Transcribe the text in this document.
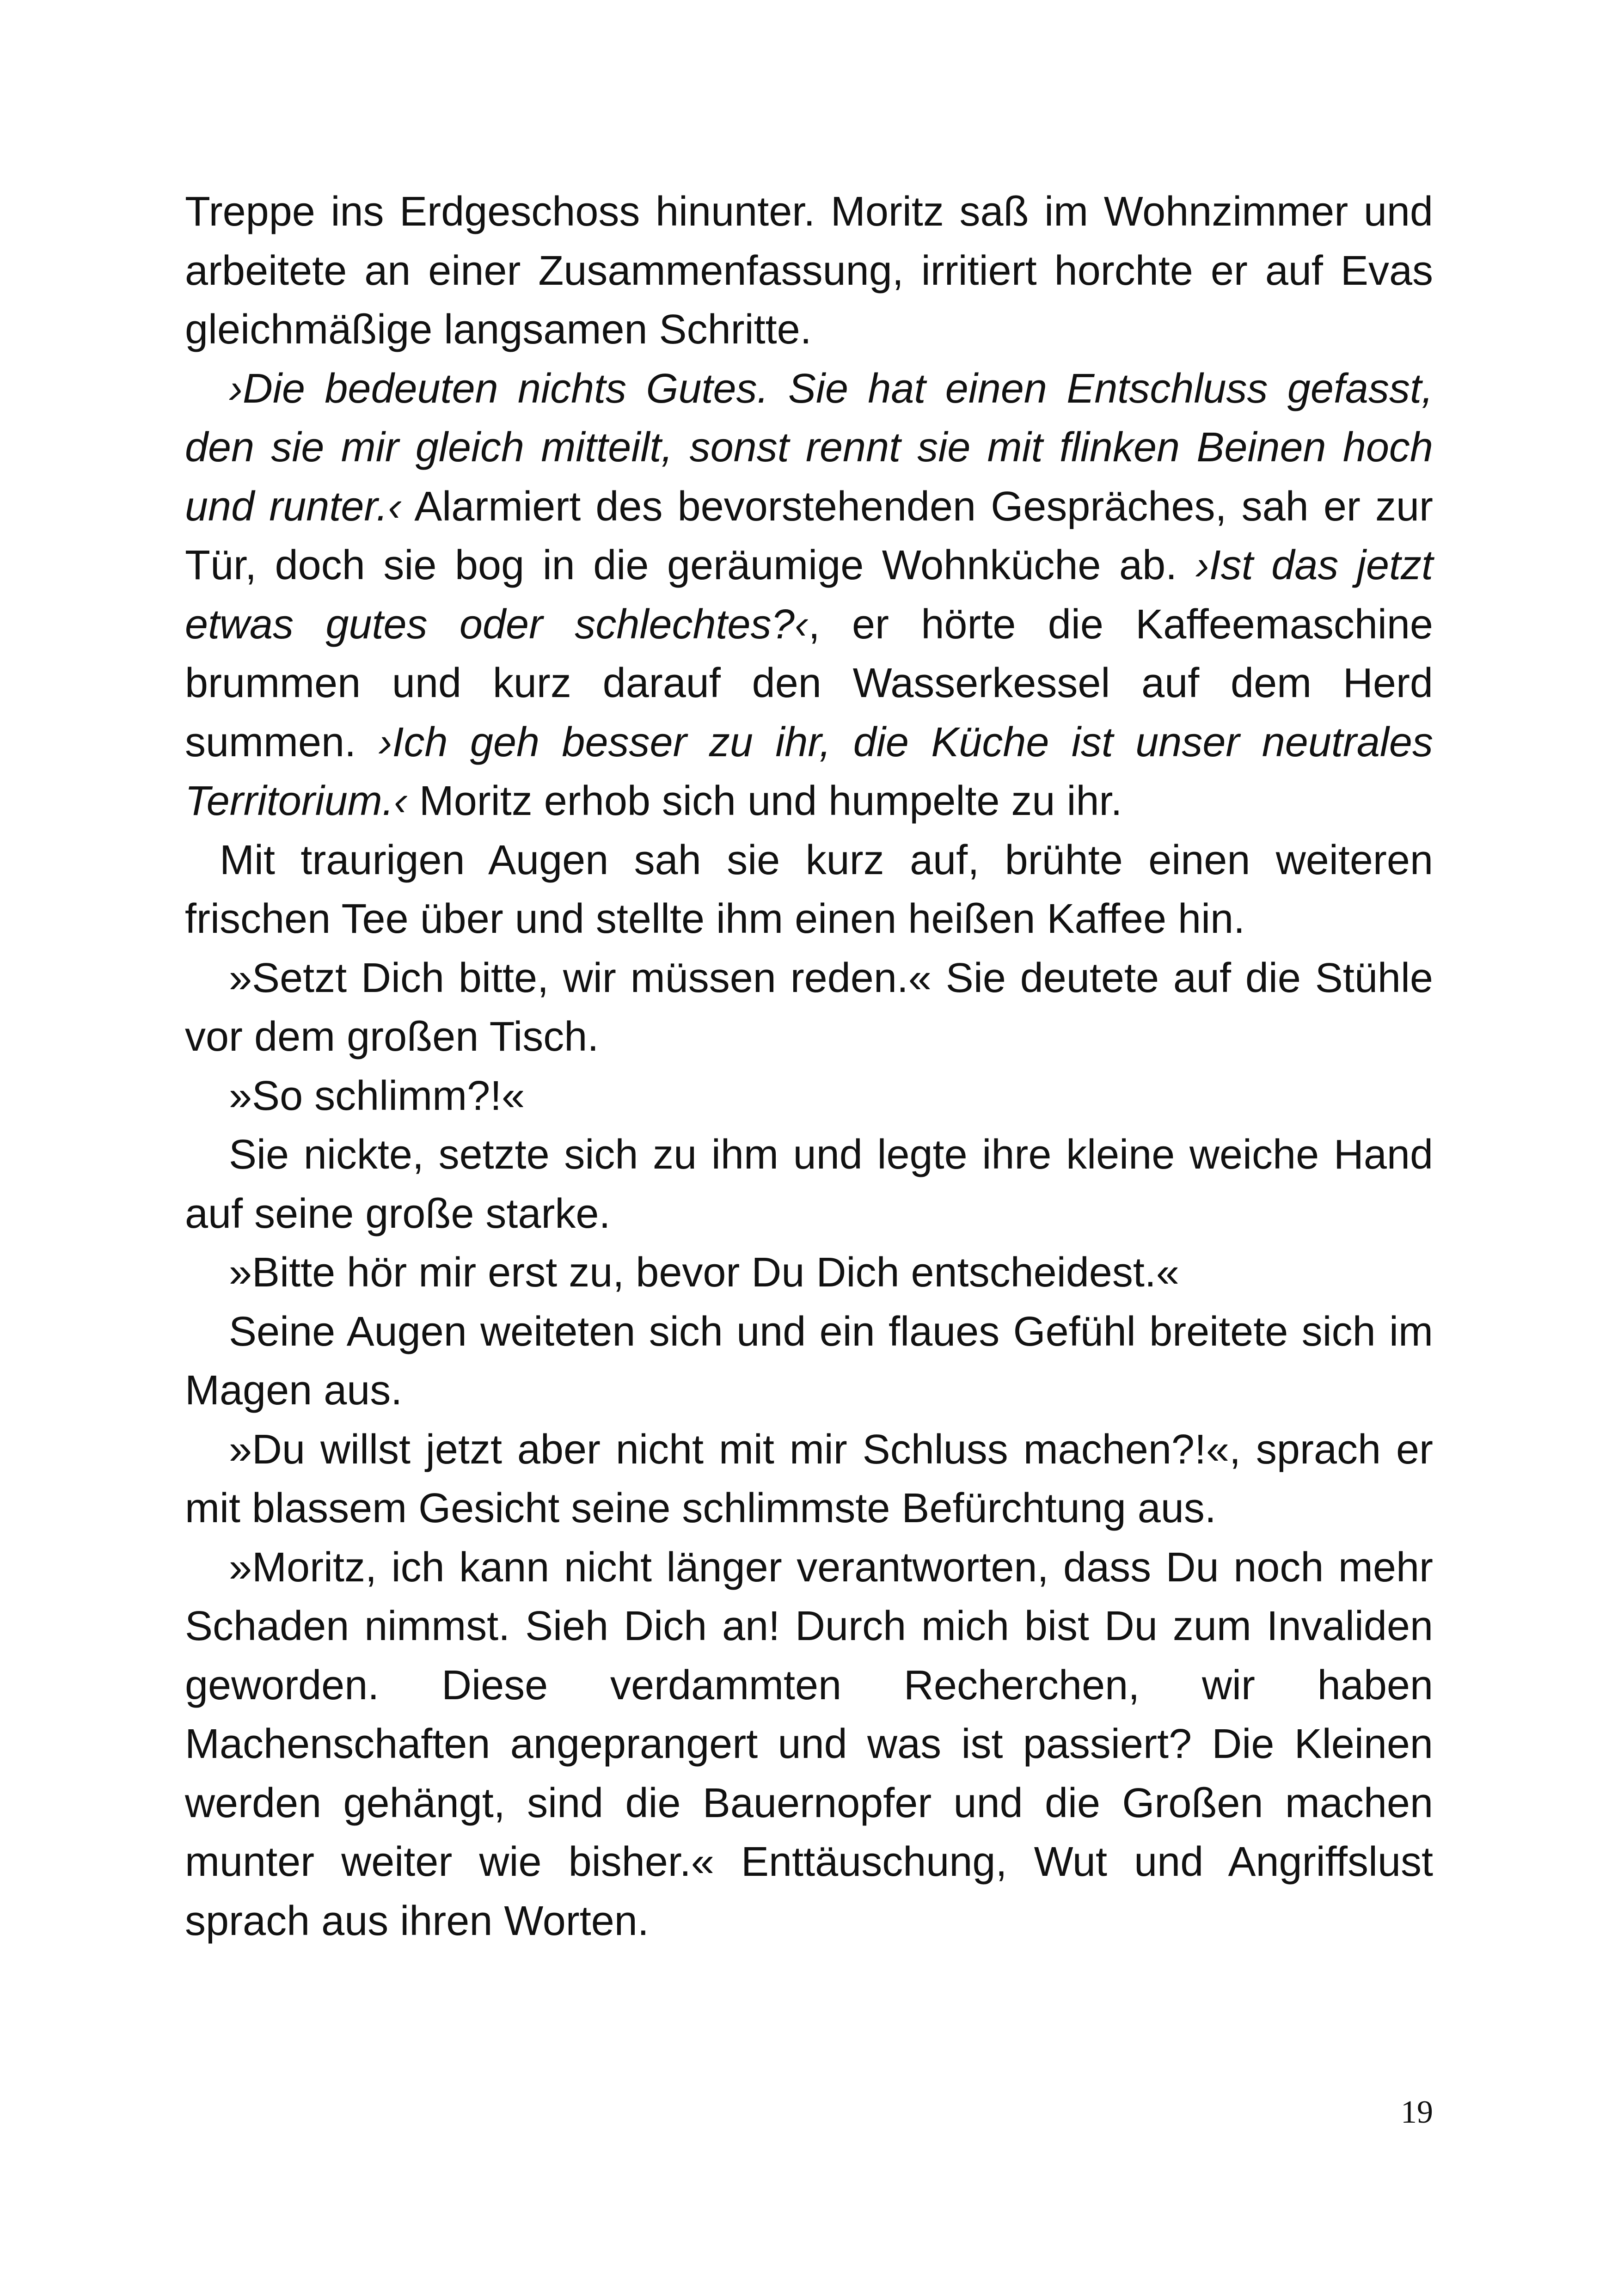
Treppe ins Erdgeschoss hinunter. Moritz saß im Wohnzimmer und arbeitete an einer Zusammenfassung, irritiert horchte er auf Evas gleichmäßige langsamen Schritte.

›Die bedeuten nichts Gutes. Sie hat einen Entschluss gefasst, den sie mir gleich mitteilt, sonst rennt sie mit flinken Beinen hoch und runter.‹ Alarmiert des bevorstehenden Gespräches, sah er zur Tür, doch sie bog in die geräumige Wohnküche ab. ›Ist das jetzt etwas gutes oder schlechtes?‹, er hörte die Kaffeemaschine brummen und kurz darauf den Wasserkessel auf dem Herd summen. ›Ich geh besser zu ihr, die Küche ist unser neutrales Territorium.‹ Moritz erhob sich und humpelte zu ihr.

Mit traurigen Augen sah sie kurz auf, brühte einen weiteren frischen Tee über und stellte ihm einen heißen Kaffee hin.

»Setzt Dich bitte, wir müssen reden.« Sie deutete auf die Stühle vor dem großen Tisch.

»So schlimm?!«

Sie nickte, setzte sich zu ihm und legte ihre kleine weiche Hand auf seine große starke.

»Bitte hör mir erst zu, bevor Du Dich entscheidest.«

Seine Augen weiteten sich und ein flaues Gefühl breitete sich im Magen aus.

»Du willst jetzt aber nicht mit mir Schluss machen?!«, sprach er mit blassem Gesicht seine schlimmste Befürchtung aus.

»Moritz, ich kann nicht länger verantworten, dass Du noch mehr Schaden nimmst. Sieh Dich an! Durch mich bist Du zum Invaliden geworden. Diese verdammten Recherchen, wir haben Machenschaften angeprangert und was ist passiert? Die Kleinen werden gehängt, sind die Bauernopfer und die Großen machen munter weiter wie bisher.« Enttäuschung, Wut und Angriffslust sprach aus ihren Worten.

19
